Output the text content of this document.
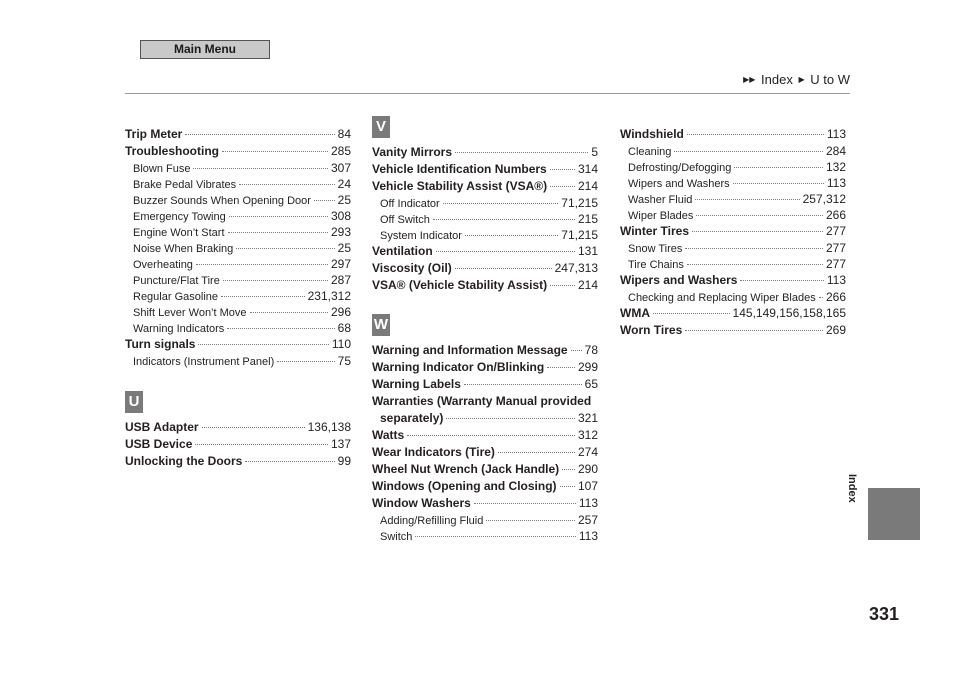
Main Menu
▶▶ Index ▶ U to W
Trip Meter	84
Troubleshooting	285
Blown Fuse	307
Brake Pedal Vibrates	24
Buzzer Sounds When Opening Door 25
Emergency Towing	308
Engine Won’t Start	293
Noise When Braking	25
Overheating	297
Puncture/Flat Tire	287
Regular Gasoline	231,312
Shift Lever Won’t Move	296
Warning Indicators	68
Turn signals	110
Indicators (Instrument Panel)	75
U
USB Adapter	136,138
USB Device	137
Unlocking the Doors	99
V
Vanity Mirrors	5
Vehicle Identification Numbers	314
Vehicle Stability Assist (VSA®)	214
Off Indicator	71,215
Off Switch	215
System Indicator	71,215
Ventilation	131
Viscosity (Oil)	247,313
VSA® (Vehicle Stability Assist)	214
W
Warning and Information Message 78
Warning Indicator On/Blinking	299
Warning Labels	65
Warranties (Warranty Manual provided
separately)	321
Watts	312
Wear Indicators (Tire)	274
Wheel Nut Wrench (Jack Handle) 290
Windows (Opening and Closing) 107
Window Washers	113
Adding/Refilling Fluid	257
Switch	113
Windshield	113
Cleaning	284
Defrosting/Defogging	132
Wipers and Washers	113
Washer Fluid	257,312
Wiper Blades	266
Winter Tires	277
Snow Tires	277
Tire Chains	277
Wipers and Washers	113
Checking and Replacing Wiper Blades 266
WMA	145,149,156,158,165
Worn Tires	269
Index
331
